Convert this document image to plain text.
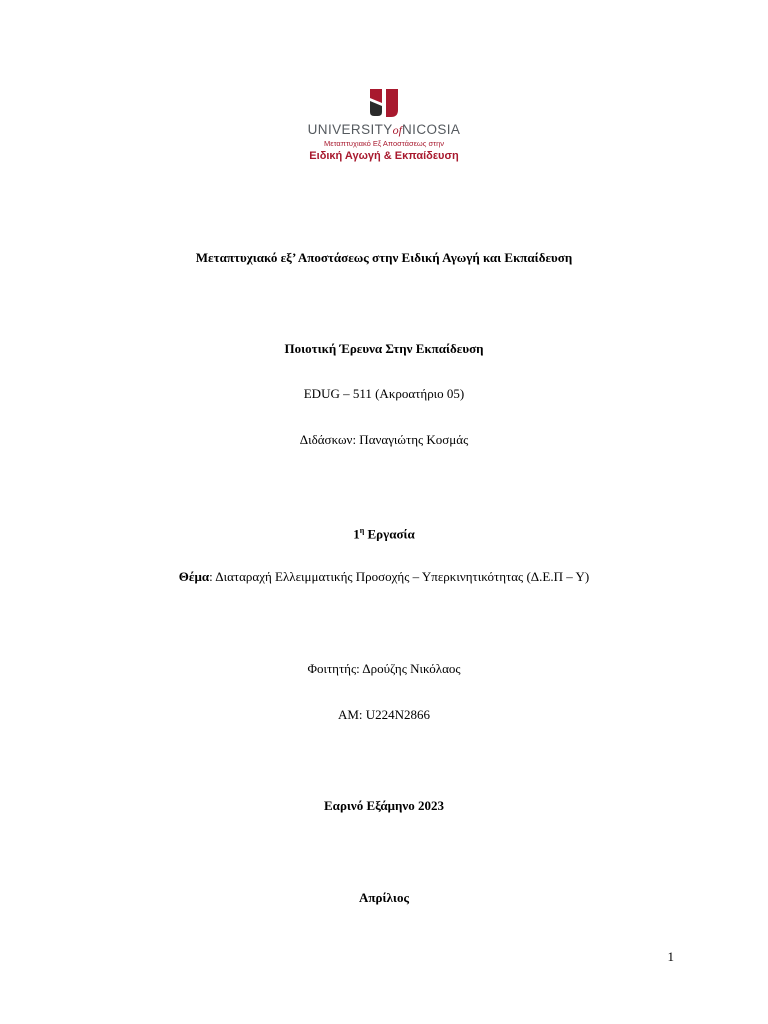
UNIVERSITYofNICOSIA
Μεταπτυχιακό Εξ Αποστάσεως στην
Ειδική Αγωγή & Εκπαίδευση
Μεταπτυχιακό εξ’ Αποστάσεως στην Ειδική Αγωγή και Εκπαίδευση
Ποιοτική Έρευνα Στην Εκπαίδευση
EDUG – 511 (Ακροατήριο 05)
Διδάσκων: Παναγιώτης Κοσμάς
$1^\eta$ Εργασία
Θέμα: Διαταραχή Ελλειμματικής Προσοχής – Υπερκινητικότητας (Δ.Ε.Π – Υ)
Φοιτητής: Δρούζης Νικόλαος
ΑΜ: U224N2866
Εαρινό Εξάμηνο 2023
Απρίλιος
1
